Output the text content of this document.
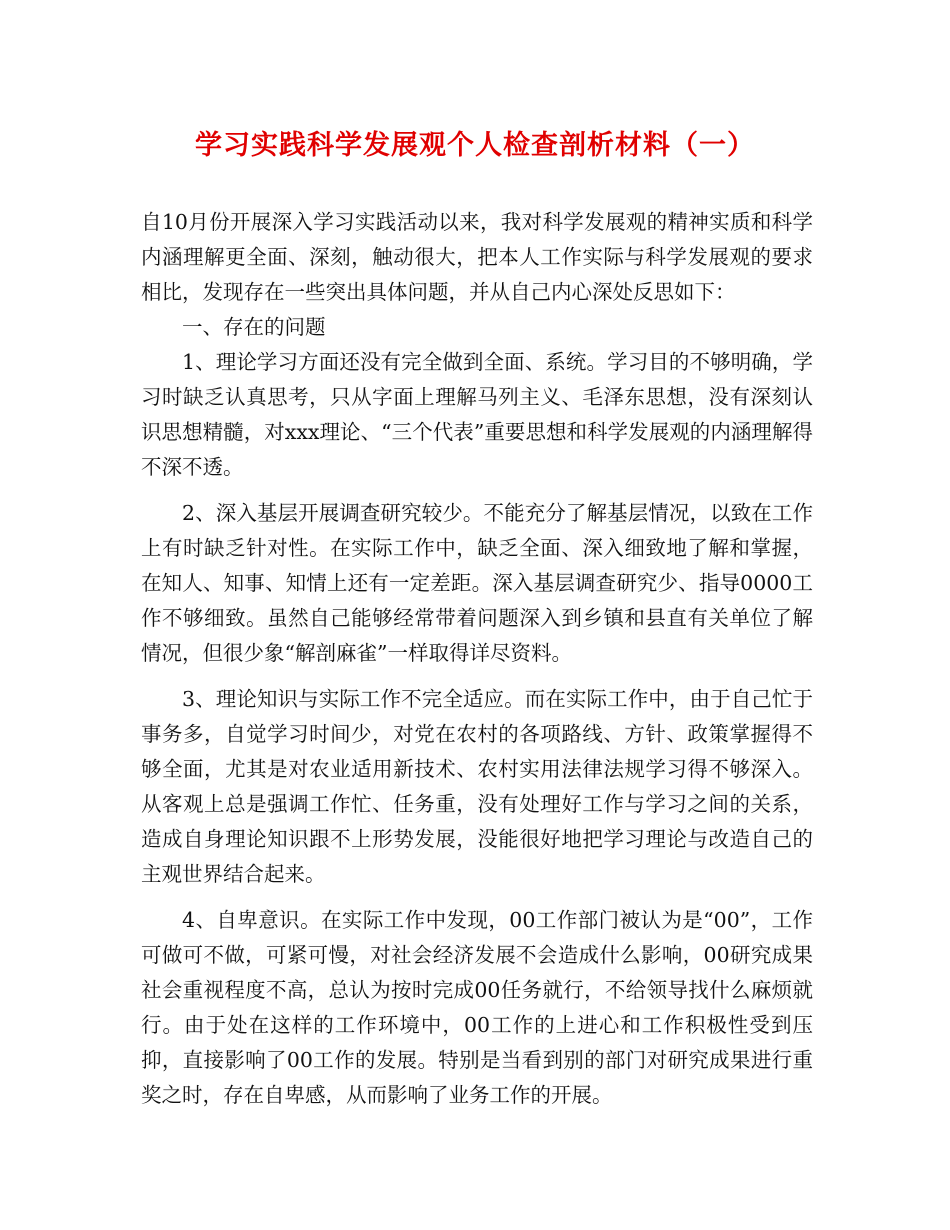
学习实践科学发展观个人检查剖析材料（一）

自10月份开展深入学习实践活动以来，我对科学发展观的精神实质和科学内涵理解更全面、深刻，触动很大，把本人工作实际与科学发展观的要求相比，发现存在一些突出具体问题，并从自己内心深处反思如下：

一、存在的问题

1、理论学习方面还没有完全做到全面、系统。学习目的不够明确，学习时缺乏认真思考，只从字面上理解马列主义、毛泽东思想，没有深刻认识思想精髓，对xxx理论、“三个代表”重要思想和科学发展观的内涵理解得不深不透。

2、深入基层开展调查研究较少。不能充分了解基层情况，以致在工作上有时缺乏针对性。在实际工作中，缺乏全面、深入细致地了解和掌握，在知人、知事、知情上还有一定差距。深入基层调查研究少、指导0000工作不够细致。虽然自己能够经常带着问题深入到乡镇和县直有关单位了解情况，但很少象“解剖麻雀”一样取得详尽资料。

3、理论知识与实际工作不完全适应。而在实际工作中，由于自己忙于事务多，自觉学习时间少，对党在农村的各项路线、方针、政策掌握得不够全面，尤其是对农业适用新技术、农村实用法律法规学习得不够深入。从客观上总是强调工作忙、任务重，没有处理好工作与学习之间的关系，造成自身理论知识跟不上形势发展，没能很好地把学习理论与改造自己的主观世界结合起来。

4、自卑意识。在实际工作中发现，00工作部门被认为是“00”，工作可做可不做，可紧可慢，对社会经济发展不会造成什么影响，00研究成果社会重视程度不高，总认为按时完成00任务就行，不给领导找什么麻烦就行。由于处在这样的工作环境中，00工作的上进心和工作积极性受到压抑，直接影响了00工作的发展。特别是当看到别的部门对研究成果进行重奖之时，存在自卑感，从而影响了业务工作的开展。
